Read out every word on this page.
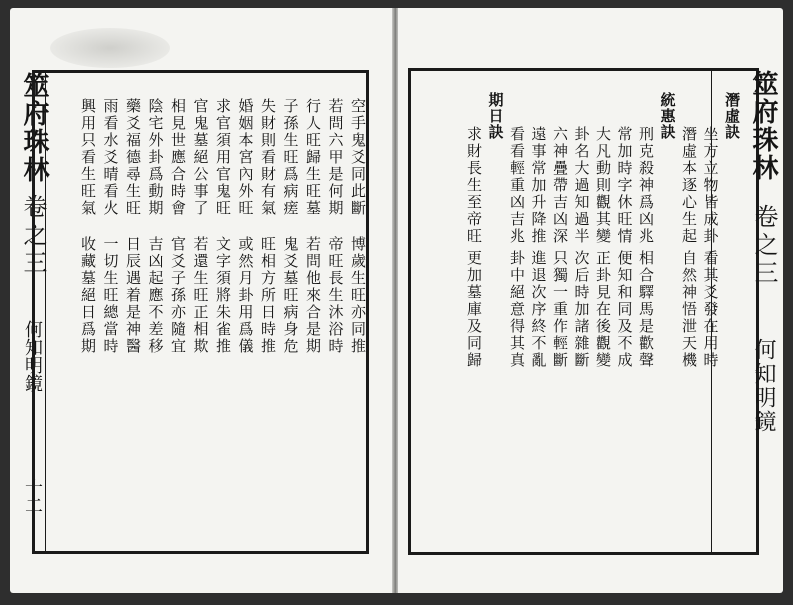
筮府珠林
卷之三
何知明鏡
十二
空手鬼爻同此斷
若問六甲是何期
行人旺歸生旺墓
子孫生旺爲病瘥
失財則看財有氣
婚姻本宮內外旺
求官須用官鬼旺
官鬼墓絕公事了
相見世應合時會
陰宅外卦爲動期
藥爻福德尋生旺
雨看水爻晴看火
興用只看生旺氣
博歲生旺亦同推
帝旺長生沐浴時
若問他來合是期
鬼爻墓旺病身危
旺相方所日時推
或然月卦用爲儀
文字須將朱雀推
若還生旺正相欺
官爻子孫亦隨宜
吉凶起應不差移
日辰遇着是神醫
一切生旺總當時
收藏墓絕日爲期
筮府珠林
卷之三
何知明鏡
潛虛訣
坐方立物皆成卦
看其爻發在用時
潛虛本逐心生起
自然神悟泄天機
統惠訣
刑克殺神爲凶兆
相合驛馬是歡聲
常加時字休旺情
便知和同及不成
大凡動則觀其變
正卦見在後觀變
卦名大過知過半
次后時加諸雜斷
六神疊帶吉凶深
只獨一重作輕斷
遠事常加升降推
進退次序終不亂
看看輕重凶吉兆
卦中絕意得其真
期日訣
求財長生至帝旺
更加墓庫及同歸
